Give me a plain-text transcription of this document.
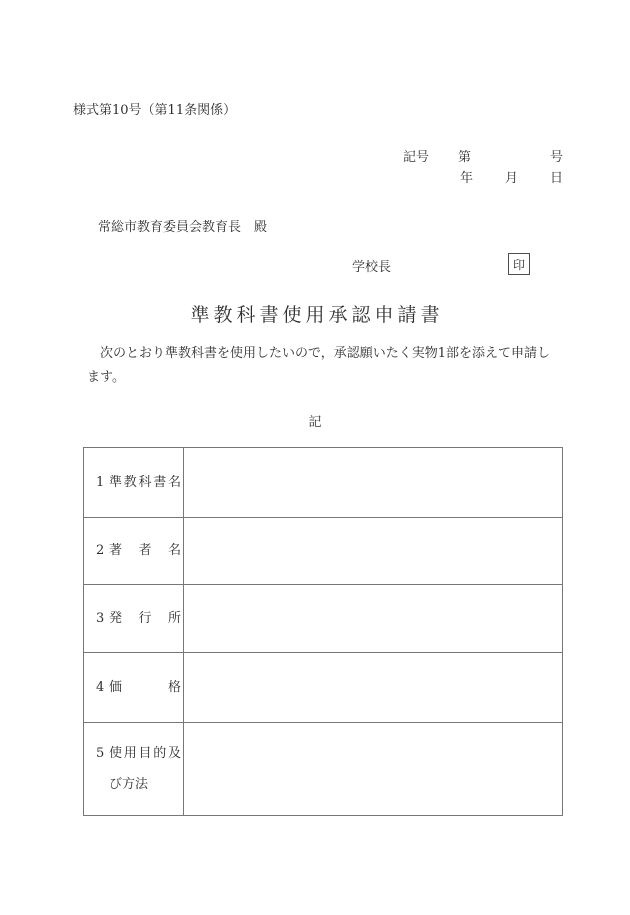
様式第10号（第11条関係）
記号 第	号
年 月 日
常総市教育委員会教育長　殿
学校長	印
準教科書使用承認申請書
次のとおり準教科書を使用したいので，承認願いたく実物1部を添えて申請します。
記
1 準教科書名
2 著者名
3 発行所
4 価格
5 使用目的及び方法
